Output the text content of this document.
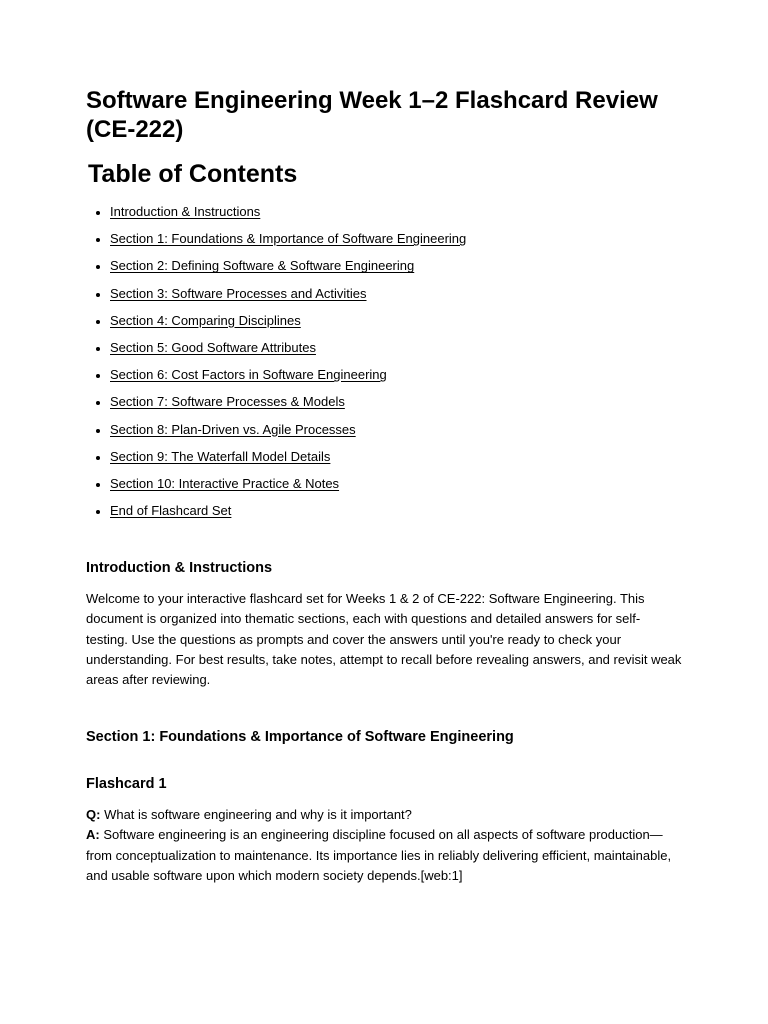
Software Engineering Week 1–2 Flashcard Review (CE-222)
Table of Contents
Introduction & Instructions
Section 1: Foundations & Importance of Software Engineering
Section 2: Defining Software & Software Engineering
Section 3: Software Processes and Activities
Section 4: Comparing Disciplines
Section 5: Good Software Attributes
Section 6: Cost Factors in Software Engineering
Section 7: Software Processes & Models
Section 8: Plan-Driven vs. Agile Processes
Section 9: The Waterfall Model Details
Section 10: Interactive Practice & Notes
End of Flashcard Set
Introduction & Instructions

Welcome to your interactive flashcard set for Weeks 1 & 2 of CE-222: Software Engineering. This document is organized into thematic sections, each with questions and detailed answers for self-testing. Use the questions as prompts and cover the answers until you're ready to check your understanding. For best results, take notes, attempt to recall before revealing answers, and revisit weak areas after reviewing.

Section 1: Foundations & Importance of Software Engineering
Flashcard 1

Q: What is software engineering and why is it important?
A: Software engineering is an engineering discipline focused on all aspects of software production—from conceptualization to maintenance. Its importance lies in reliably delivering efficient, maintainable, and usable software upon which modern society depends.[web:1]
